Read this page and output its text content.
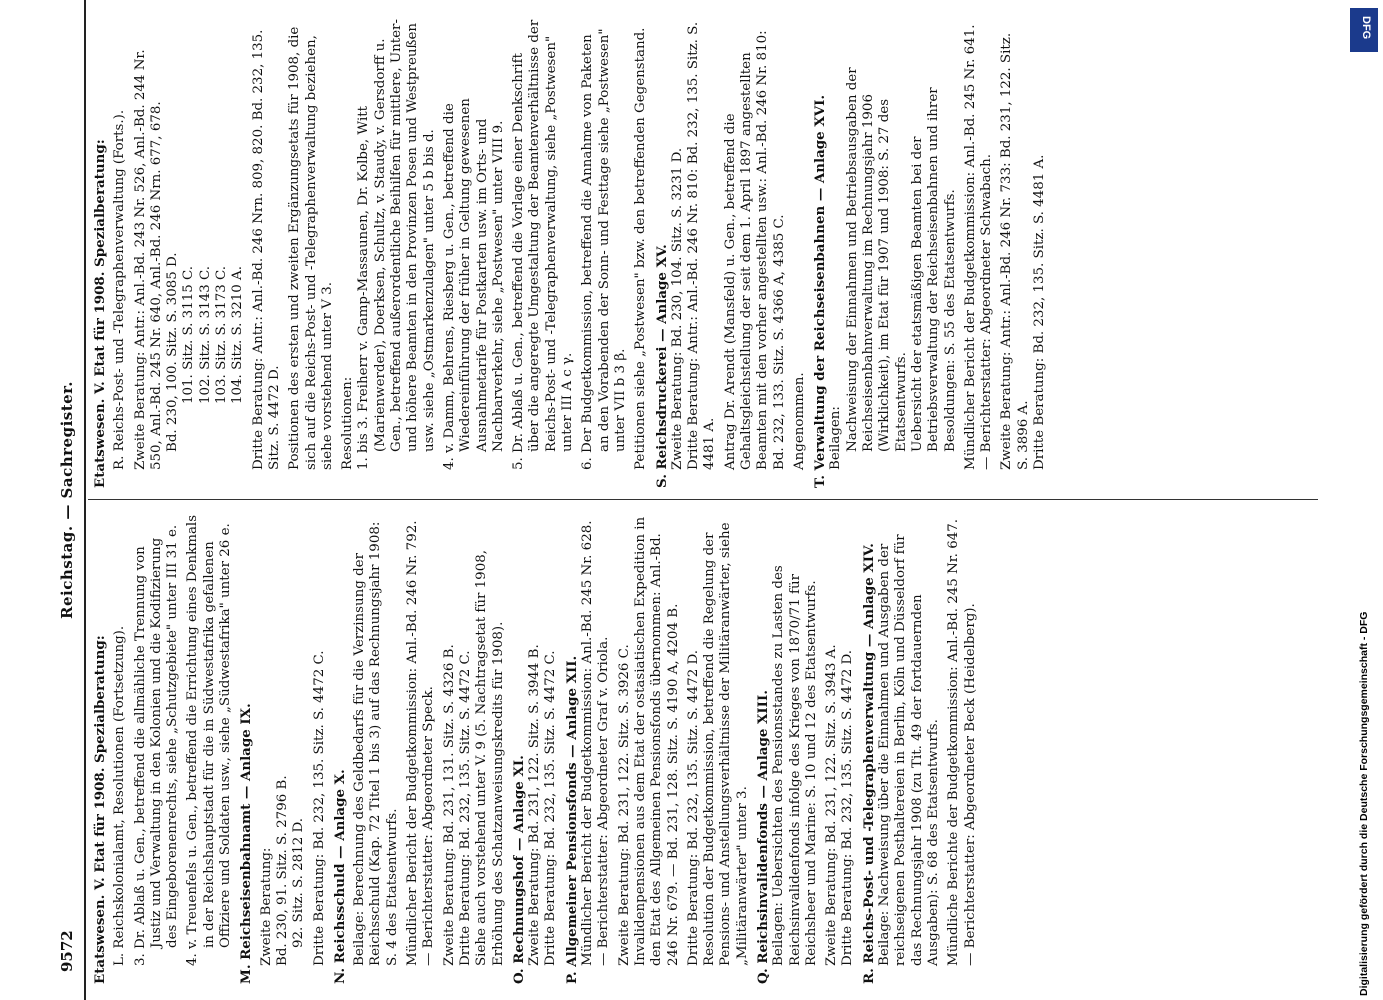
9572
Reichstag. — Sachregister.
Etatswesen. V. Etat für 1908. Spezialberatung: L. Reichskolonialamt, Resolutionen (Fortsetzung). 3. Dr. Ablaß u. Gen., betreffend die allmähliche Trennung von Justiz und Verwaltung in den Kolonien und die Kodifizierung des Eingeborenenrechts, siehe „Schutzgebiete" unter III 31 e. 4. v. Treuenfels u. Gen., betreffend die Errichtung eines Denkmals in der Reichshauptstadt für die in Südwestafrika gefallenen Offiziere und Soldaten usw., siehe „Südwestafrika" unter 26 e. M. Reichseisenbahnamt — Anlage IX. Zweite Beratung: Bd. 230, 91. Sitz. S. 2796 B. 92. Sitz. S. 2812 D. Dritte Beratung: Bd. 232, 135. Sitz. S. 4472 C. N. Reichsschuld — Anlage X. Beilage: Berechnung des Geldbedarfs für die Verzinsung der Reichsschuld (Kap. 72 Titel 1 bis 3) auf das Rechnungsjahr 1908: S. 4 des Etatsentwurfs. Mündlicher Bericht der Budgetkommission: Anl.-Bd. 246 Nr. 792. — Berichterstatter: Abgeordneter Speck. Zweite Beratung: Bd. 231, 131. Sitz. S. 4326 B. Dritte Beratung: Bd. 232, 135. Sitz. S. 4472 C. Siehe auch vorstehend unter V. 9 (5. Nachtragsetat für 1908, Erhöhung des Schatzanweisungskredits für 1908). O. Rechnungshof — Anlage XI. Zweite Beratung: Bd. 231, 122. Sitz. S. 3944 B. Dritte Beratung: Bd. 232, 135. Sitz. S. 4472 C. P. Allgemeiner Pensionsfonds — Anlage XII. Mündlicher Bericht der Budgetkommission: Anl.-Bd. 245 Nr. 628. — Berichterstatter: Abgeordneter Graf v. Oriola. Zweite Beratung: Bd. 231, 122. Sitz. S. 3926 C. Invalidenpensionen aus dem Etat der ostasiatischen Expedition in den Etat des Allgemeinen Pensionsfonds übernommen: Anl.-Bd. 246 Nr. 679. — Bd. 231, 128. Sitz. S. 4190 A, 4204 B. Dritte Beratung: Bd. 232, 135. Sitz. S. 4472 D. Resolution der Budgetkommission, betreffend die Regelung der Pensions- und Anstellungsverhältnisse der Militäranwärter, siehe „Militäranwärter" unter 3. Q. Reichsinvalidenfonds — Anlage XIII. Beilagen: Uebersichten des Pensionsstandes zu Lasten des Reichsinvalidenfonds infolge des Krieges von 1870/71 für Reichsheer und Marine: S. 10 und 12 des Etatsentwurfs. Zweite Beratung: Bd. 231, 122. Sitz. S. 3943 A. Dritte Beratung: Bd. 232, 135. Sitz. S. 4472 D. R. Reichs-Post- und -Telegraphenverwaltung — Anlage XIV. Beilage: Nachweisung über die Einnahmen und Ausgaben der reichseigenen Posthaltereien in Berlin, Köln und Düsseldorf für das Rechnungsjahr 1908 (zu Tit. 49 der fortdauernden Ausgaben): S. 68 des Etatsentwurfs. Mündliche Berichte der Budgetkommission: Anl.-Bd. 245 Nr. 647. — Berichterstatter: Abgeordneter Beck (Heidelberg).
Etatswesen. V. Etat für 1908. Spezialberatung: R. Reichs-Post- und -Telegraphenverwaltung (Forts.). Zweite Beratung: Antr.: Anl.-Bd. 243 Nr. 526, Anl.-Bd. 244 Nr. 550, Anl.-Bd. 245 Nr. 640, Anl.-Bd. 246 Nrn. 677, 678. Bd. 230, 100. Sitz. S. 3085 D. 101. Sitz. S. 3115 C. 102. Sitz. S. 3143 C. 103. Sitz. S. 3173 C. 104. Sitz. S. 3210 A. Dritte Beratung: Antr.: Anl.-Bd. 246 Nrn. 809, 820. Bd. 232, 135. Sitz. S. 4472 D. Positionen des ersten und zweiten Ergänzungsetats für 1908, die sich auf die Reichs-Post- und -Telegraphenverwaltung beziehen, siehe vorstehend unter V 3. Resolutionen: 1. bis 3. Freiherr v. Gamp-Massaunen, Dr. Kolbe, Witt (Marienwerder), Doerksen, Schultz, v. Staudy, v. Gersdorff u. Gen., betreffend außerordentliche Beihilfen für mittlere, Unter- und höhere Beamten in den Provinzen Posen und Westpreußen usw. siehe „Ostmarkenzulagen" unter 5 b bis d. 4. v. Damm, Behrens, Riesberg u. Gen., betreffend die Wiedereinführung der früher in Geltung gewesenen Ausnahmetarife für Postkarten usw. im Orts- und Nachbarverkehr, siehe „Postwesen" unter VIII 9. 5. Dr. Ablaß u. Gen., betreffend die Vorlage einer Denkschrift über die angeregte Umgestaltung der Beamtenverhältnisse der Reichs-Post- und -Telegraphenverwaltung, siehe „Postwesen" unter III A c γ. 6. Der Budgetkommission, betreffend die Annahme von Paketen an den Vorabenden der Sonn- und Festtage siehe „Postwesen" unter VII b 3 β. Petitionen siehe „Postwesen" bzw. den betreffenden Gegenstand. S. Reichsdruckerei — Anlage XV. Zweite Beratung: Bd. 230, 104. Sitz. S. 3231 D. Dritte Beratung: Antr.: Anl.-Bd. 246 Nr. 810: Bd. 232, 135. Sitz. S. 4481 A. Antrag Dr. Arendt (Mansfeld) u. Gen., betreffend die Gehaltsgleichstellung der seit dem 1. April 1897 angestellten Beamten mit den vorher angestellten usw.: Anl.-Bd. 246 Nr. 810: Bd. 232, 133. Sitz. S. 4366 A, 4385 C. Angenommen. T. Verwaltung der Reichseisenbahnen — Anlage XVI. Beilagen: Nachweisung der Einnahmen und Betriebsausgaben der Reichseisenbahnverwaltung im Rechnungsjahr 1906 (Wirklichkeit), im Etat für 1907 und 1908: S. 27 des Etatsentwurfs. Uebersicht der etatsmäßigen Beamten bei der Betriebsverwaltung der Reichseisenbahnen und ihrer Besoldungen: S. 55 des Etatsentwurfs. Mündlicher Bericht der Budgetkommission: Anl.-Bd. 245 Nr. 641. — Berichterstatter: Abgeordneter Schwabach. Zweite Beratung: Antr.: Anl.-Bd. 246 Nr. 733: Bd. 231, 122. Sitz. S. 3896 A. Dritte Beratung: Bd. 232, 135. Sitz. S. 4481 A.
DFG
Digitalisierung gefördert durch die Deutsche Forschungsgemeinschaft - DFG
